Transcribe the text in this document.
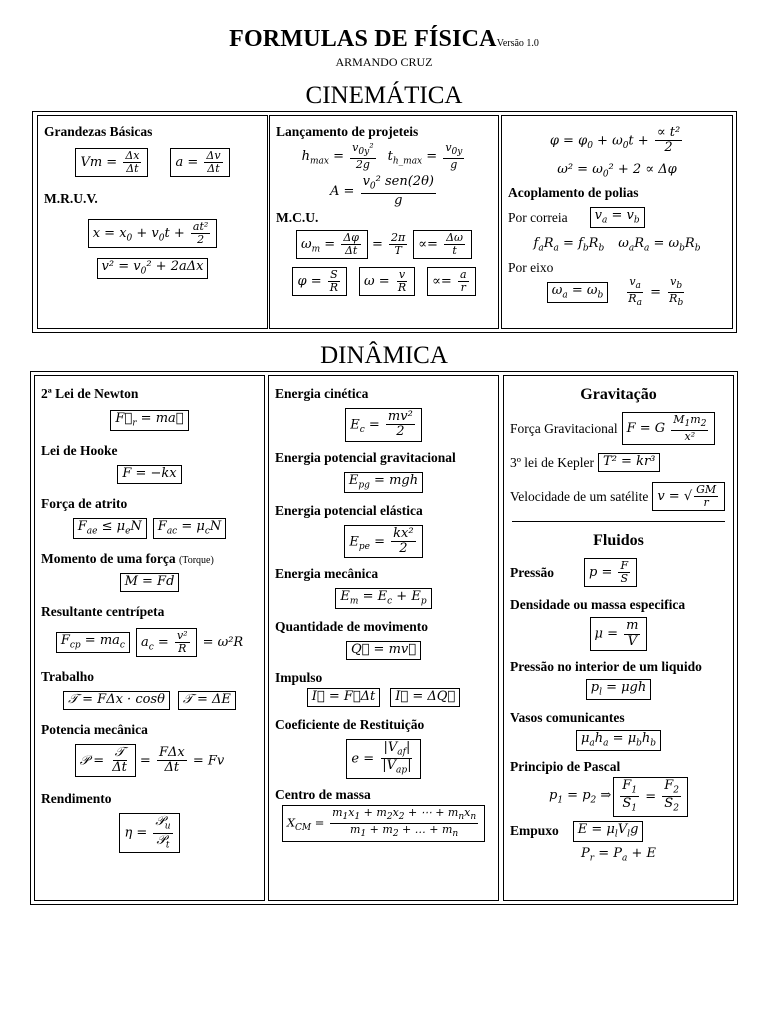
FORMULAS DE FÍSICAVersão 1.0
ARMANDO CRUZ
CINEMÁTICA
Grandezas Básicas
$Vm = \frac{\Delta x}{\Delta t}$	$a = \frac{\Delta v}{\Delta t}$
M.R.U.V.
$x = x_0 + v_0t + \frac{\text{at²}}{2}$
$v^2 = v_0^2 + 2a\Delta x$
Lançamento de projeteis
$h_{max} = \frac{v_{0y}^2}{2g} t_{h\_max} = \frac{v_{0y}}{g}$
$A = \frac{v_0^2 sen(2\theta)}{g}$
M.C.U.
$\omega_m = \frac{\Delta\varphi}{\Delta t} = \frac{2\pi}{T} \propto= \frac{\Delta\omega}{t}$
$\varphi = \frac{S}{R}$	$\omega = \frac{v}{R}$	∝= $\frac{a}{r}$
$\varphi = \varphi_0 + \omega_0t + \frac{\text{∝ t²}}{2}$
$\omega^2 = \omega_0^2 + 2 \propto \Delta\varphi$
Acoplamento de polias
Por correia	$v_a = v_b$
$f_aR_a = f_bR_b$ $\omega_aR_a = \omega_bR_b$
Por eixo
$\omega_a = \omega_b$	$\frac{v_a}{R_a} = \frac{v_b}{R_b}$
DINÂMICA
2ª Lei de Newton
$F⃗_r$ = ma⃗
Lei de Hooke
F = −kx
Força de atrito
$F_{ae} \le \mu_eN$	$F_{ac} = \mu_cN$
Momento de uma força (Torque)
M = Fd
Resultante centrípeta
$F_{cp} = ma_c$	$a_c = \frac{\text{v²}}{R} = \omega^2R$
Trabalho
𝒯 = FΔx · cosθ	𝒯 = ΔE
Potencia mecânica
𝒫 = $\frac{\text{𝒯}}{\Delta t} = \frac{\text{FΔx}}{\Delta t} = Fv$
Rendimento
$\eta = \frac{𝒫_u}{𝒫_t}$
Energia cinética
$E_c = \frac{\text{mv²}}{2}$
Energia potencial gravitacional
$E_{pg}$ = mgh
Energia potencial elástica
$E_{pe} = \frac{\text{kx²}}{2}$
Energia mecânica
$E_m = E_c + E_p$
Quantidade de movimento
Q⃗ = mv⃗
Impulso
I⃗ = F⃗Δt	I⃗ = ΔQ⃗
Coeficiente de Restituição
$e = \frac{|V_{af}|}{|V_{ap}|}$
Centro de massa
$X_{CM} = \frac{m_1x_1 + m_2x_2 + \cdots + m_nx_n}{m_1 + m_2 + \dots + m_n}$
Gravitação
Força Gravitacional F = G $\frac{M_1m_2}{\text{x²}}$
3º lei de Kepler T² = kr³
Velocidade de um satélite v = √ $\frac{GM}{r}$
Fluidos
Pressão	$p = \frac{F}{S}$
Densidade ou massa especifica
$\mu = \frac{m}{V}$
Pressão no interior de um liquido
$p_l = \mu gh$
Vasos comunicantes
$\mu_ah_a = \mu_bh_b$
Principio de Pascal
$p_1 = p_2$ ⇒ $\frac{F_1}{S_1} = \frac{F_2}{S_2}$
Empuxo	$E = \mu_lV_lg$
$P_r = P_a + E$
